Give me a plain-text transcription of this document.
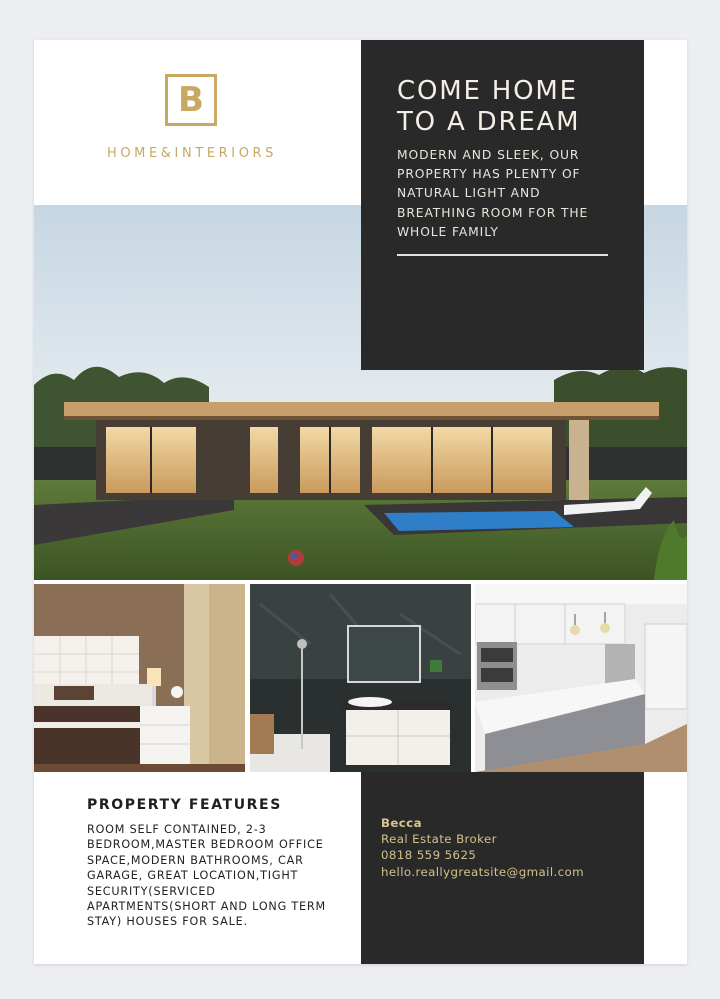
B
HOME&INTERIORS
COME HOME
TO A DREAM
MODERN AND SLEEK, OUR PROPERTY HAS PLENTY OF NATURAL LIGHT AND BREATHING ROOM FOR THE WHOLE FAMILY
PROPERTY FEATURES
ROOM SELF CONTAINED, 2-3 BEDROOM,MASTER BEDROOM OFFICE SPACE,MODERN BATHROOMS, CAR GARAGE, GREAT LOCATION,TIGHT SECURITY(SERVICED APARTMENTS(SHORT AND LONG TERM STAY) HOUSES FOR SALE.
Becca
Real Estate Broker
0818 559 5625
hello.reallygreatsite@gmail.com
